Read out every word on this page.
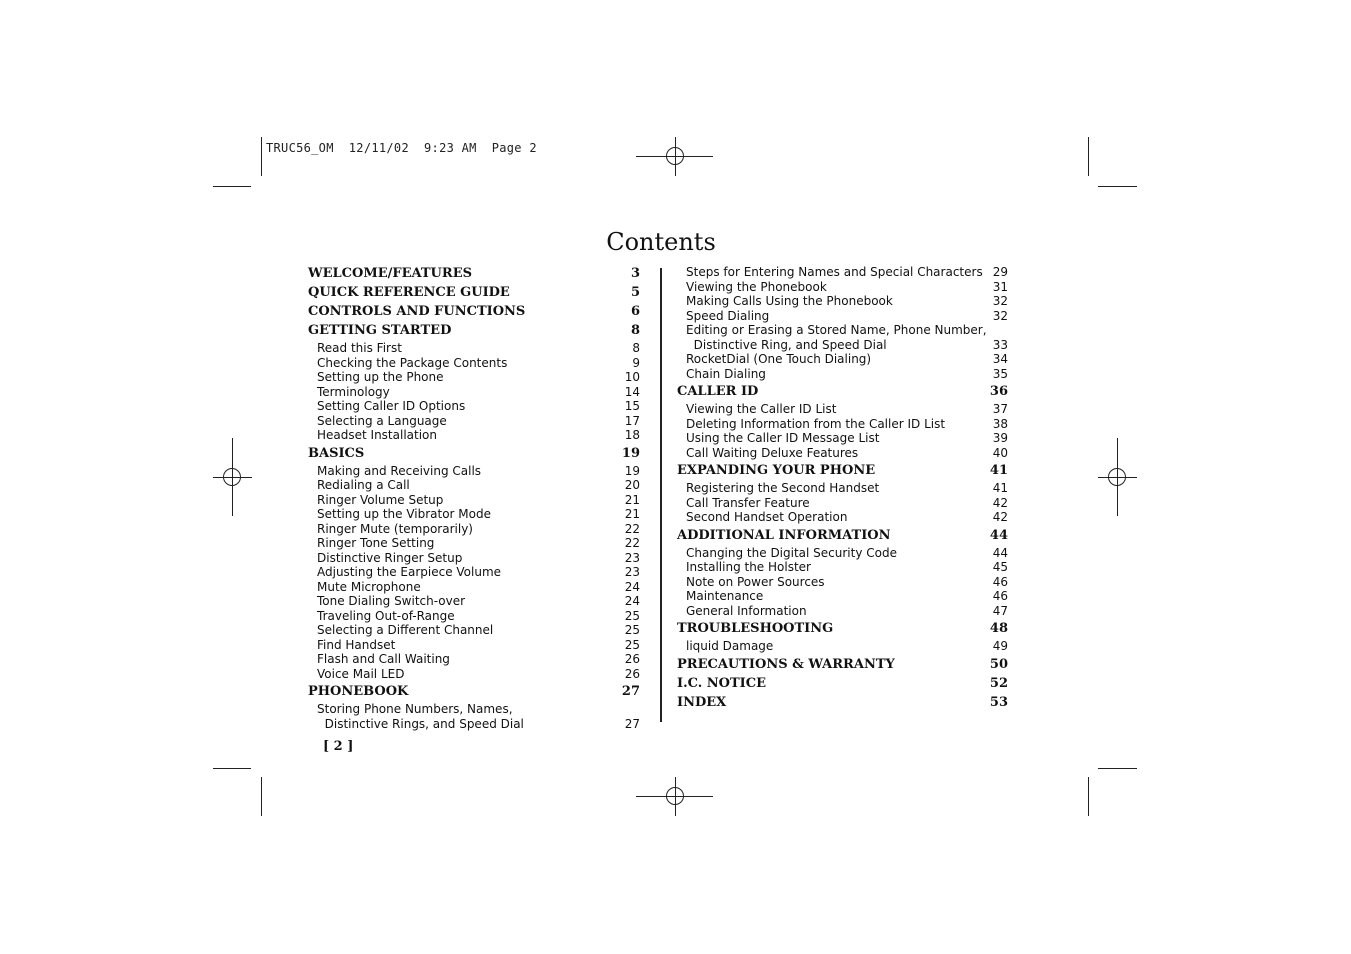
TRUC56_OM  12/11/02  9:23 AM  Page 2
Contents
WELCOME/FEATURES	3
QUICK REFERENCE GUIDE	5
CONTROLS AND FUNCTIONS	6
GETTING STARTED	8
Read this First	8
Checking the Package Contents	9
Setting up the Phone	10
Terminology	14
Setting Caller ID Options	15
Selecting a Language	17
Headset Installation	18
BASICS	19
Making and Receiving Calls	19
Redialing a Call	20
Ringer Volume Setup	21
Setting up the Vibrator Mode	21
Ringer Mute (temporarily)	22
Ringer Tone Setting	22
Distinctive Ringer Setup	23
Adjusting the Earpiece Volume	23
Mute Microphone	24
Tone Dialing Switch-over	24
Traveling Out-of-Range	25
Selecting a Different Channel	25
Find Handset	25
Flash and Call Waiting	26
Voice Mail LED	26
PHONEBOOK	27
Storing Phone Numbers, Names,
Distinctive Rings, and Speed Dial	27
Steps for Entering Names and Special Characters 29
Viewing the Phonebook	31
Making Calls Using the Phonebook	32
Speed Dialing	32
Editing or Erasing a Stored Name, Phone Number,
Distinctive Ring, and Speed Dial	33
RocketDial (One Touch Dialing)	34
Chain Dialing	35
CALLER ID	36
Viewing the Caller ID List	37
Deleting Information from the Caller ID List	38
Using the Caller ID Message List	39
Call Waiting Deluxe Features	40
EXPANDING YOUR PHONE	41
Registering the Second Handset	41
Call Transfer Feature	42
Second Handset Operation	42
ADDITIONAL INFORMATION	44
Changing the Digital Security Code	44
Installing the Holster	45
Note on Power Sources	46
Maintenance	46
General Information	47
TROUBLESHOOTING	48
liquid Damage	49
PRECAUTIONS & WARRANTY	50
I.C. NOTICE	52
INDEX	53
[ 2 ]
